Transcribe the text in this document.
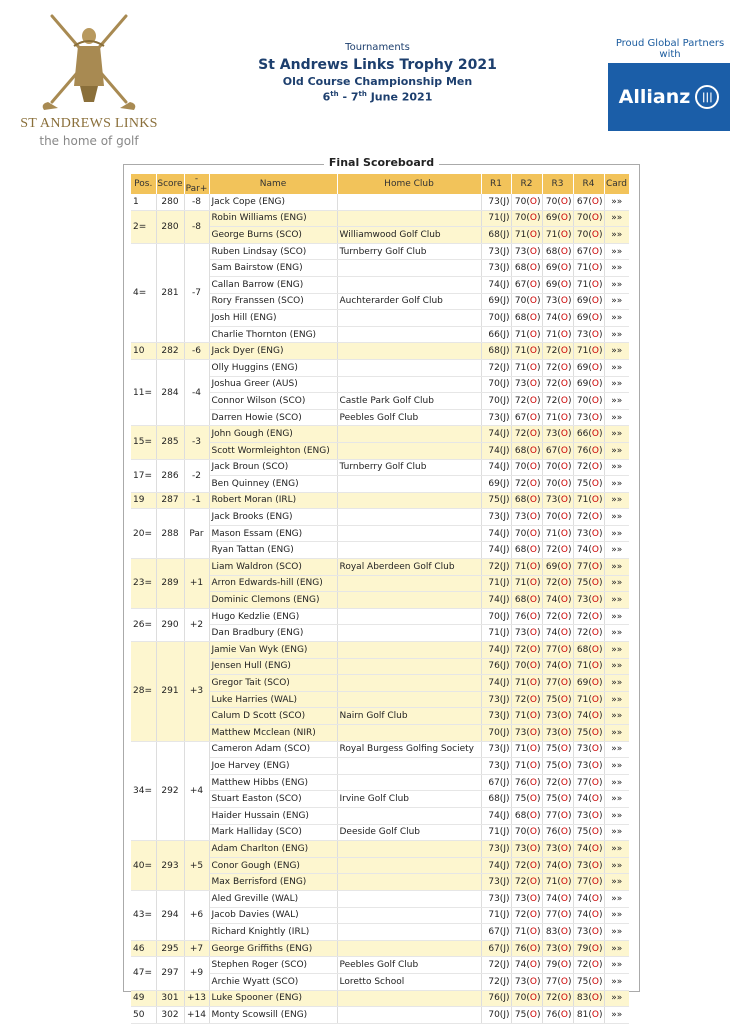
ST ANDREWS LINKS
the home of golf
Tournaments
St Andrews Links Trophy 2021
Old Course Championship Men
6th - 7th June 2021
Proud Global Partners with
Allianz	|||
Final Scoreboard
Pos.	Score	-Par+	Name	Home Club	R1	R2	R3	R4	Card
1	280	-8	Jack Cope (ENG)		73(J)	70(O)	70(O)	67(O)	»»
2=	280	-8	Robin Williams (ENG)		71(J)	70(O)	69(O)	70(O)	»»
			George Burns (SCO)	Williamwood Golf Club	68(J)	71(O)	71(O)	70(O)	»»
4=	281	-7	Ruben Lindsay (SCO)	Turnberry Golf Club	73(J)	73(O)	68(O)	67(O)	»»
			Sam Bairstow (ENG)		73(J)	68(O)	69(O)	71(O)	»»
			Callan Barrow (ENG)		74(J)	67(O)	69(O)	71(O)	»»
			Rory Franssen (SCO)	Auchterarder Golf Club	69(J)	70(O)	73(O)	69(O)	»»
			Josh Hill (ENG)		70(J)	68(O)	74(O)	69(O)	»»
			Charlie Thornton (ENG)		66(J)	71(O)	71(O)	73(O)	»»
10	282	-6	Jack Dyer (ENG)		68(J)	71(O)	72(O)	71(O)	»»
11=	284	-4	Olly Huggins (ENG)		72(J)	71(O)	72(O)	69(O)	»»
			Joshua Greer (AUS)		70(J)	73(O)	72(O)	69(O)	»»
			Connor Wilson (SCO)	Castle Park Golf Club	70(J)	72(O)	72(O)	70(O)	»»
			Darren Howie (SCO)	Peebles Golf Club	73(J)	67(O)	71(O)	73(O)	»»
15=	285	-3	John Gough (ENG)		74(J)	72(O)	73(O)	66(O)	»»
			Scott Wormleighton (ENG)		74(J)	68(O)	67(O)	76(O)	»»
17=	286	-2	Jack Broun (SCO)	Turnberry Golf Club	74(J)	70(O)	70(O)	72(O)	»»
			Ben Quinney (ENG)		69(J)	72(O)	70(O)	75(O)	»»
19	287	-1	Robert Moran (IRL)		75(J)	68(O)	73(O)	71(O)	»»
20=	288	Par	Jack Brooks (ENG)		73(J)	73(O)	70(O)	72(O)	»»
			Mason Essam (ENG)		74(J)	70(O)	71(O)	73(O)	»»
			Ryan Tattan (ENG)		74(J)	68(O)	72(O)	74(O)	»»
23=	289	+1	Liam Waldron (SCO)	Royal Aberdeen Golf Club	72(J)	71(O)	69(O)	77(O)	»»
			Arron Edwards-hill (ENG)		71(J)	71(O)	72(O)	75(O)	»»
			Dominic Clemons (ENG)		74(J)	68(O)	74(O)	73(O)	»»
26=	290	+2	Hugo Kedzlie (ENG)		70(J)	76(O)	72(O)	72(O)	»»
			Dan Bradbury (ENG)		71(J)	73(O)	74(O)	72(O)	»»
28=	291	+3	Jamie Van Wyk (ENG)		74(J)	72(O)	77(O)	68(O)	»»
			Jensen Hull (ENG)		76(J)	70(O)	74(O)	71(O)	»»
			Gregor Tait (SCO)		74(J)	71(O)	77(O)	69(O)	»»
			Luke Harries (WAL)		73(J)	72(O)	75(O)	71(O)	»»
			Calum D Scott (SCO)	Nairn Golf Club	73(J)	71(O)	73(O)	74(O)	»»
			Matthew Mcclean (NIR)		70(J)	73(O)	73(O)	75(O)	»»
34=	292	+4	Cameron Adam (SCO)	Royal Burgess Golfing Society	73(J)	71(O)	75(O)	73(O)	»»
			Joe Harvey (ENG)		73(J)	71(O)	75(O)	73(O)	»»
			Matthew Hibbs (ENG)		67(J)	76(O)	72(O)	77(O)	»»
			Stuart Easton (SCO)	Irvine Golf Club	68(J)	75(O)	75(O)	74(O)	»»
			Haider Hussain (ENG)		74(J)	68(O)	77(O)	73(O)	»»
			Mark Halliday (SCO)	Deeside Golf Club	71(J)	70(O)	76(O)	75(O)	»»
40=	293	+5	Adam Charlton (ENG)		73(J)	73(O)	73(O)	74(O)	»»
			Conor Gough (ENG)		74(J)	72(O)	74(O)	73(O)	»»
			Max Berrisford (ENG)		73(J)	72(O)	71(O)	77(O)	»»
43=	294	+6	Aled Greville (WAL)		73(J)	73(O)	74(O)	74(O)	»»
			Jacob Davies (WAL)		71(J)	72(O)	77(O)	74(O)	»»
			Richard Knightly (IRL)		67(J)	71(O)	83(O)	73(O)	»»
46	295	+7	George Griffiths (ENG)		67(J)	76(O)	73(O)	79(O)	»»
47=	297	+9	Stephen Roger (SCO)	Peebles Golf Club	72(J)	74(O)	79(O)	72(O)	»»
			Archie Wyatt (SCO)	Loretto School	72(J)	73(O)	77(O)	75(O)	»»
49	301	+13	Luke Spooner (ENG)		76(J)	70(O)	72(O)	83(O)	»»
50	302	+14	Monty Scowsill (ENG)		70(J)	75(O)	76(O)	81(O)	»»
